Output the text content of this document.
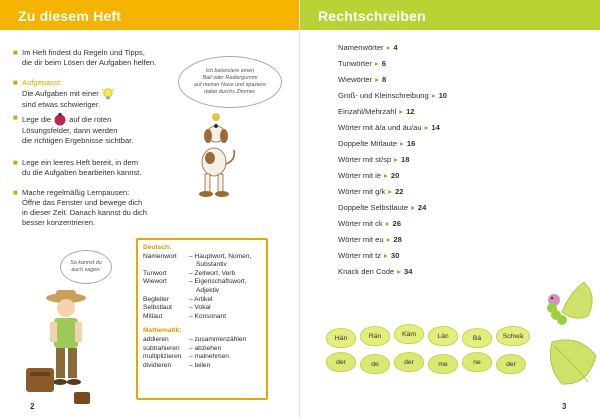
Zu diesem Heft
■ Im Heft findest du Regeln und Tipps,
die dir beim Lösen der Aufgaben helfen.
■ Aufgepasst:
Die Aufgaben mit einer
sind etwas schwieriger.
■ Lege die auf die roten
Lösungsfelder, dann werden
die richtigen Ergebnisse sichtbar.
■ Lege ein leeres Heft bereit, in dem
du die Aufgaben bearbeiten kannst.
■ Mache regelmäßig Lernpausen:
Öffne das Fenster und bewege dich
in dieser Zeit. Danach kannst du dich
besser konzentrieren.
Ich balanciere einen
Ball oder Radiergummi
auf meiner Nase und spaziere
dabei durchs Zimmer.
So kannst du
auch sagen:
Deutsch:
Namenwort	– Hauptwort, Nomen,
Substantiv
Tunwort	– Zeitwort, Verb
Wiewort	– Eigenschaftswort,
Adjektiv
Begleiter	– Artikel
Selbstlaut	– Vokal
Mitlaut	– Konsonant
Mathematik:
addieren	– zusammenzählen
subtrahieren	– abziehen
multiplizieren	– malnehmen
dividieren	– teilen
2
Rechtschreiben
Namenwörter ▸ 4
Tunwörter ▸ 6
Wiewörter ▸ 8
Groß- und Kleinschreibung ▸ 10
Einzahl/Mehrzahl ▸ 12
Wörter mit ä/a und äu/au ▸ 14
Doppelte Mitlaute ▸ 16
Wörter mit st/sp ▸ 18
Wörter mit ie ▸ 20
Wörter mit g/k ▸ 22
Doppelte Selbstlaute ▸ 24
Wörter mit ck ▸ 26
Wörter mit eu ▸ 28
Wörter mit tz ▸ 30
Knack den Code ▸ 34
Hän	Rän	Käm	Län	Bä	Schwä
der	de	der	me	ne	der
3
